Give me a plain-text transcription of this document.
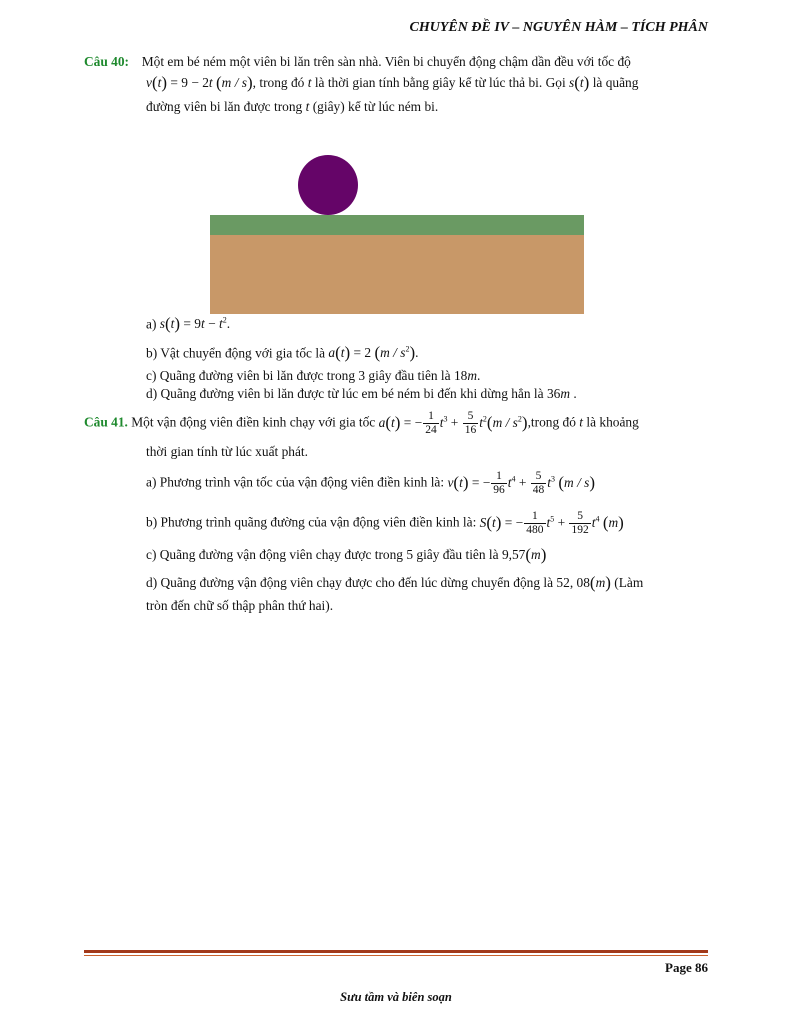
CHUYÊN ĐỀ IV – NGUYÊN HÀM – TÍCH PHÂN
Câu 40: Một em bé ném một viên bi lăn trên sàn nhà. Viên bi chuyển động chậm dần đều với tốc độ
v(t) = 9 − 2t (m / s), trong đó t là thời gian tính bằng giây kể từ lúc thả bi. Gọi s(t) là quãng
đường viên bi lăn được trong t (giây) kể từ lúc ném bi.
a) $s(t) = 9t - t^2$.
b) Vật chuyển động với gia tốc là a(t) = 2 $(m / s^2)$.
c) Quãng đường viên bi lăn được trong 3 giây đầu tiên là 18m.
d) Quãng đường viên bi lăn được từ lúc em bé ném bi đến khi dừng hẳn là 36m .
Câu 41. Một vận động viên điền kinh chạy với gia tốc a(t) = − $\frac{1}{24} t^3 + \frac{5}{16} t^2(m$ / $s^2),trong$ đó t là khoảng
thời gian tính từ lúc xuất phát.
a) Phương trình vận tốc của vận động viên điền kinh là: v(t) = − $\frac{1}{96} t^4 + \frac{5}{48} t^3$ (m / s)
b) Phương trình quãng đường của vận động viên điền kinh là: S(t) = − $\frac{1}{480} t^5 + \frac{5}{192} t^4$ (m)
c) Quãng đường vận động viên chạy được trong 5 giây đầu tiên là 9,57(m)
d) Quãng đường vận động viên chạy được cho đến lúc dừng chuyển động là 52, 08(m) (Làm
tròn đến chữ số thập phân thứ hai).
Page 86
Sưu tầm và biên soạn
